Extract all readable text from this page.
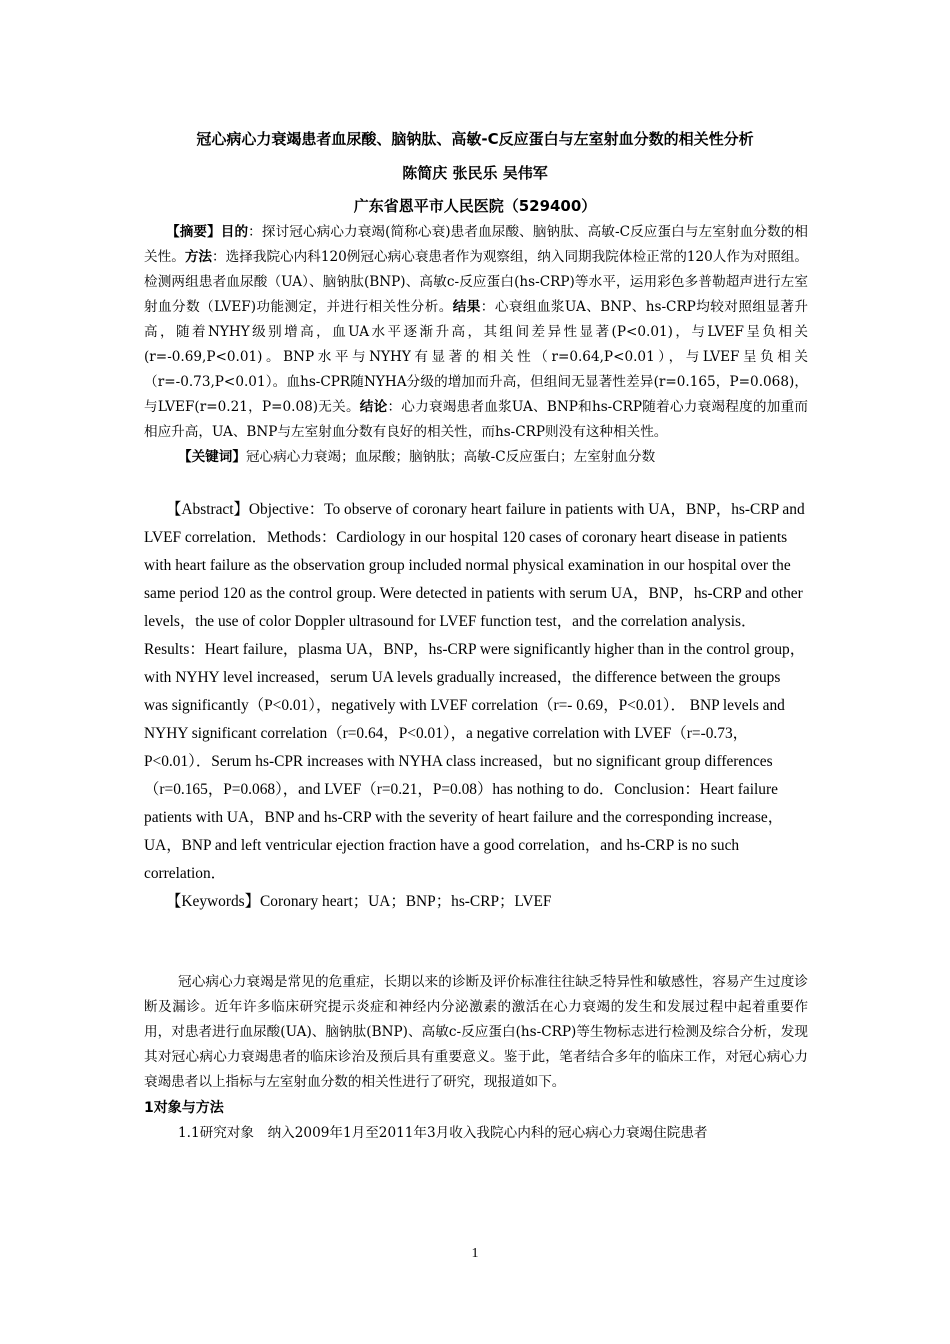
冠心病心力衰竭患者血尿酸、脑钠肽、高敏-C反应蛋白与左室射血分数的相关性分析
陈简庆 张民乐 吴伟军
广东省恩平市人民医院（529400）

【摘要】目的：探讨冠心病心力衰竭(简称心衰)患者血尿酸、脑钠肽、高敏-C反应蛋白与左室射血分数的相关性。方法：选择我院心内科120例冠心病心衰患者作为观察组，纳入同期我院体检正常的120人作为对照组。检测两组患者血尿酸（UA）、脑钠肽(BNP)、高敏c-反应蛋白(hs-CRP)等水平，运用彩色多普勒超声进行左室射血分数（LVEF)功能测定，并进行相关性分析。结果：心衰组血浆UA、BNP、hs-CRP均较对照组显著升高，随着NYHY级别增高，血UA水平逐渐升高，其组间差异性显著(P<0.01)，与LVEF呈负相关(r=-0.69,P<0.01)。BNP水平与NYHY有显著的相关性（r=0.64,P<0.01），与LVEF呈负相关（r=-0.73,P<0.01）。血hs-CPR随NYHA分级的增加而升高，但组间无显著性差异(r=0.165，P=0.068)，与LVEF(r=0.21，P=0.08)无关。结论：心力衰竭患者血浆UA、BNP和hs-CRP随着心力衰竭程度的加重而相应升高，UA、BNP与左室射血分数有良好的相关性，而hs-CRP则没有这种相关性。

【关键词】冠心病心力衰竭；血尿酸；脑钠肽；高敏-C反应蛋白；左室射血分数

【Abstract】Objective：To observe of coronary heart failure in patients with UA，BNP，hs-CRP and LVEF correlation．Methods：Cardiology in our hospital 120 cases of coronary heart disease in patients with heart failure as the observation group included normal physical examination in our hospital over the same period 120 as the control group. Were detected in patients with serum UA，BNP，hs-CRP and other levels，the use of color Doppler ultrasound for LVEF function test，and the correlation analysis．Results：Heart failure，plasma UA，BNP，hs-CRP were significantly higher than in the control group，with NYHY level increased，serum UA levels gradually increased，the difference between the groups was significantly（P<0.01），negatively with LVEF correlation（r=- 0.69，P<0.01）． BNP levels and NYHY significant correlation（r=0.64，P<0.01），a negative correlation with LVEF（r=-0.73，P<0.01）．Serum hs-CPR increases with NYHA class increased，but no significant group differences（r=0.165，P=0.068），and LVEF（r=0.21，P=0.08）has nothing to do．Conclusion：Heart failure patients with UA，BNP and hs-CRP with the severity of heart failure and the corresponding increase，UA，BNP and left ventricular ejection fraction have a good correlation，and hs-CRP is no such correlation．

【Keywords】Coronary heart；UA；BNP；hs-CRP；LVEF

冠心病心力衰竭是常见的危重症，长期以来的诊断及评价标准往往缺乏特异性和敏感性，容易产生过度诊断及漏诊。近年许多临床研究提示炎症和神经内分泌激素的激活在心力衰竭的发生和发展过程中起着重要作用，对患者进行血尿酸(UA)、脑钠肽(BNP)、高敏c-反应蛋白(hs-CRP)等生物标志进行检测及综合分析，发现其对冠心病心力衰竭患者的临床诊治及预后具有重要意义。鉴于此，笔者结合多年的临床工作，对冠心病心力衰竭患者以上指标与左室射血分数的相关性进行了研究，现报道如下。

1对象与方法

1.1研究对象　纳入2009年1月至2011年3月收入我院心内科的冠心病心力衰竭住院患者

1
